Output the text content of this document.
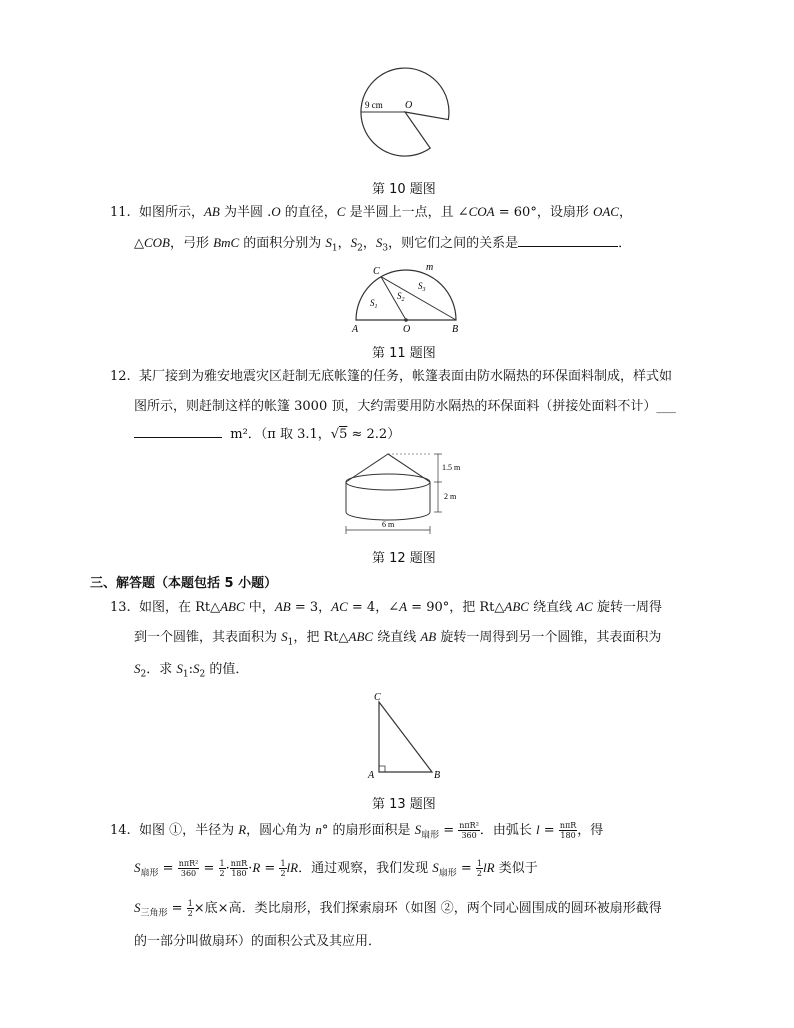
9 cm O
第 10 题图
11.  如图所示，AB 为半圆 .O 的直径，C 是半圆上一点，且 ∠COA = 60°，设扇形 OAC，
△COB，弓形 BmC 的面积分别为 $S_1$，$S_2$，$S_3$，则它们之间的关系是	．
A	O	B
C	m
$S_1$
$S_2$
$S_3$
第 11 题图
12. 某厂接到为雅安地震灾区赶制无底帐篷的任务，帐篷表面由防水隔热的环保面料制成，样式如
图所示，则赶制这样的帐篷 3000 顶，大约需要用防水隔热的环保面料（拼接处面料不计）___
m²．（π 取 3.1，√5 ≈ 2.2）
1.5 m
2 m
6 m
第 12 题图
三、解答题（本题包括 5 小题）
13.  如图，在 Rt△ABC 中，AB = 3，AC = 4，∠A = 90°，把 Rt△ABC 绕直线 AC 旋转一周得
到一个圆锥，其表面积为 $S_1$，把 Rt△ABC 绕直线 AB 旋转一周得到另一个圆锥，其表面积为
$S_2$．求 $S_1:S_2$ 的值．
C
A	B
第 13 题图
14.  如图 ①，半径为 R，圆心角为 n° 的扇形面积是 $S_{扇形} = \frac{\text{nπR²}}{360}$ ．由弧长 $l = \frac{\text{nπR}}{180}$ ，得
$S_{扇形} = \frac{\text{nπR²}}{360} = \frac{1}{2} \cdot \frac{\text{nπR}}{180} \cdot R = \frac{1}{2}$ lR．通过观察，我们发现 $S_{扇形} = \frac{1}{2}$ lR 类似于
$S_{三角形} = \frac{1}{2}$ ×底×高．类比扇形，我们探索扇环（如图 ②，两个同心圆围成的圆环被扇形截得
的一部分叫做扇环）的面积公式及其应用．
